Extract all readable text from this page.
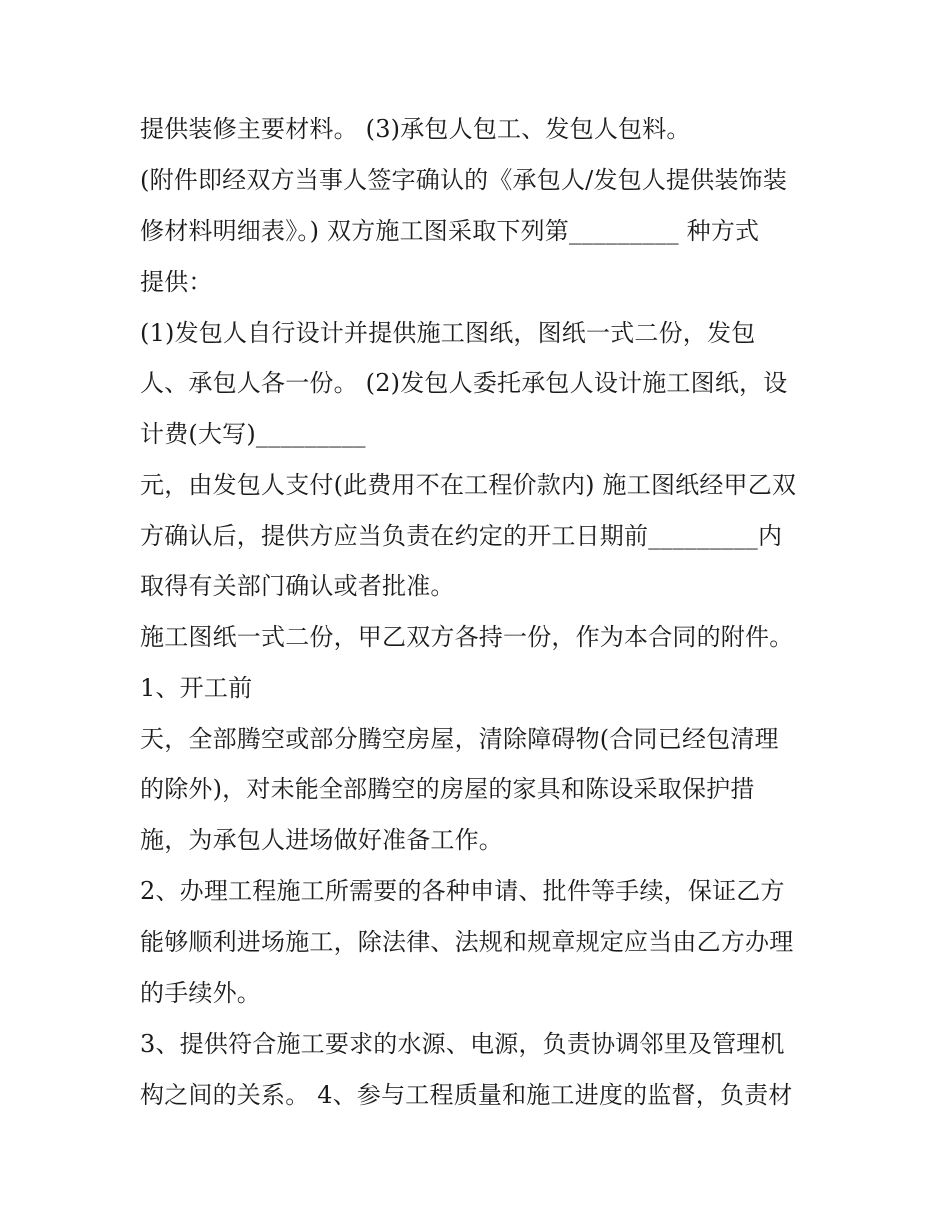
提供装修主要材料。 (3)承包人包工、发包人包料。
(附件即经双方当事人签字确认的《承包人/发包人提供装饰装
修材料明细表》。) 双方施工图采取下列第_________ 种方式
提供：
(1)发包人自行设计并提供施工图纸，图纸一式二份，发包
人、承包人各一份。 (2)发包人委托承包人设计施工图纸，设
计费(大写)_________
元，由发包人支付(此费用不在工程价款内) 施工图纸经甲乙双
方确认后，提供方应当负责在约定的开工日期前_________内
取得有关部门确认或者批准。
施工图纸一式二份，甲乙双方各持一份，作为本合同的附件。
1、开工前
天，全部腾空或部分腾空房屋，清除障碍物(合同已经包清理
的除外)，对未能全部腾空的房屋的家具和陈设采取保护措
施，为承包人进场做好准备工作。
2、办理工程施工所需要的各种申请、批件等手续，保证乙方
能够顺利进场施工，除法律、法规和规章规定应当由乙方办理
的手续外。
3、提供符合施工要求的水源、电源，负责协调邻里及管理机
构之间的关系。 4、参与工程质量和施工进度的监督，负责材
